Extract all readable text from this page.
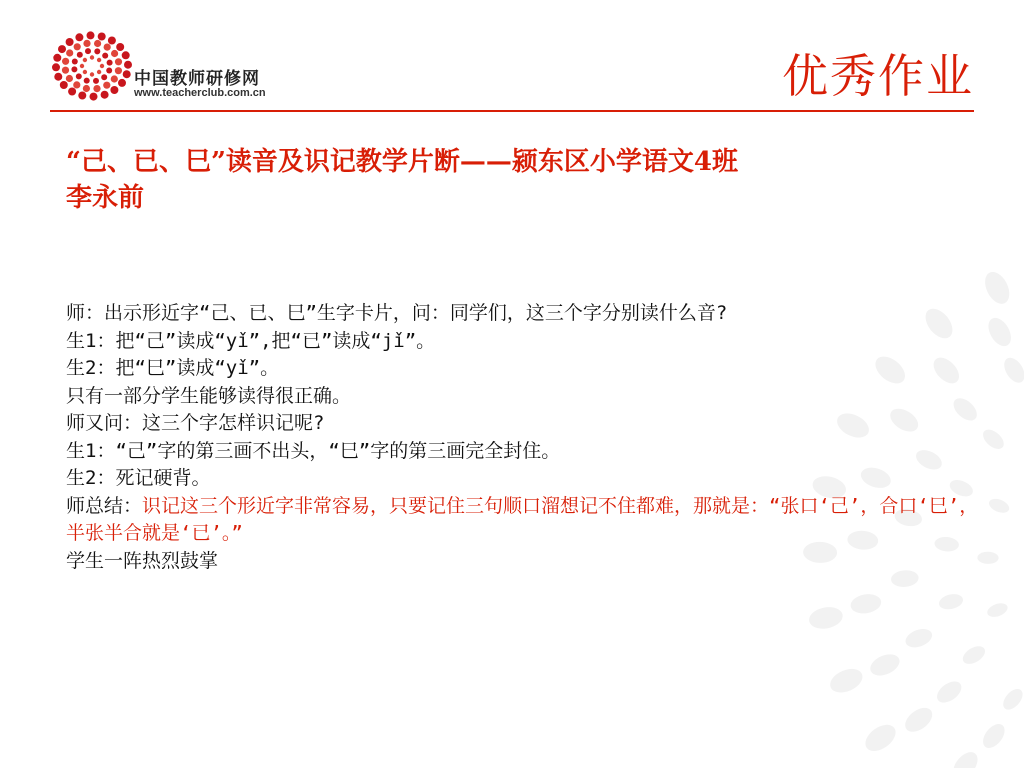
中国教师研修网
www.teacherclub.com.cn	优秀作业
“己、已、巳”读音及识记教学片断——颍东区小学语文4班
李永前
师：出示形近字“己、已、巳”生字卡片，问：同学们，这三个字分别读什么音?
生1：把“己”读成“yǐ”,把“已”读成“jǐ”。
生2：把“巳”读成“yǐ”。
只有一部分学生能够读得很正确。
师又问：这三个字怎样识记呢?
生1：“己”字的第三画不出头，“巳”字的第三画完全封住。
生2：死记硬背。
师总结：识记这三个形近字非常容易，只要记住三句顺口溜想记不住都难，那就是：“张口‘己’，合口‘巳’，半张半合就是‘已’。”
学生一阵热烈鼓掌
